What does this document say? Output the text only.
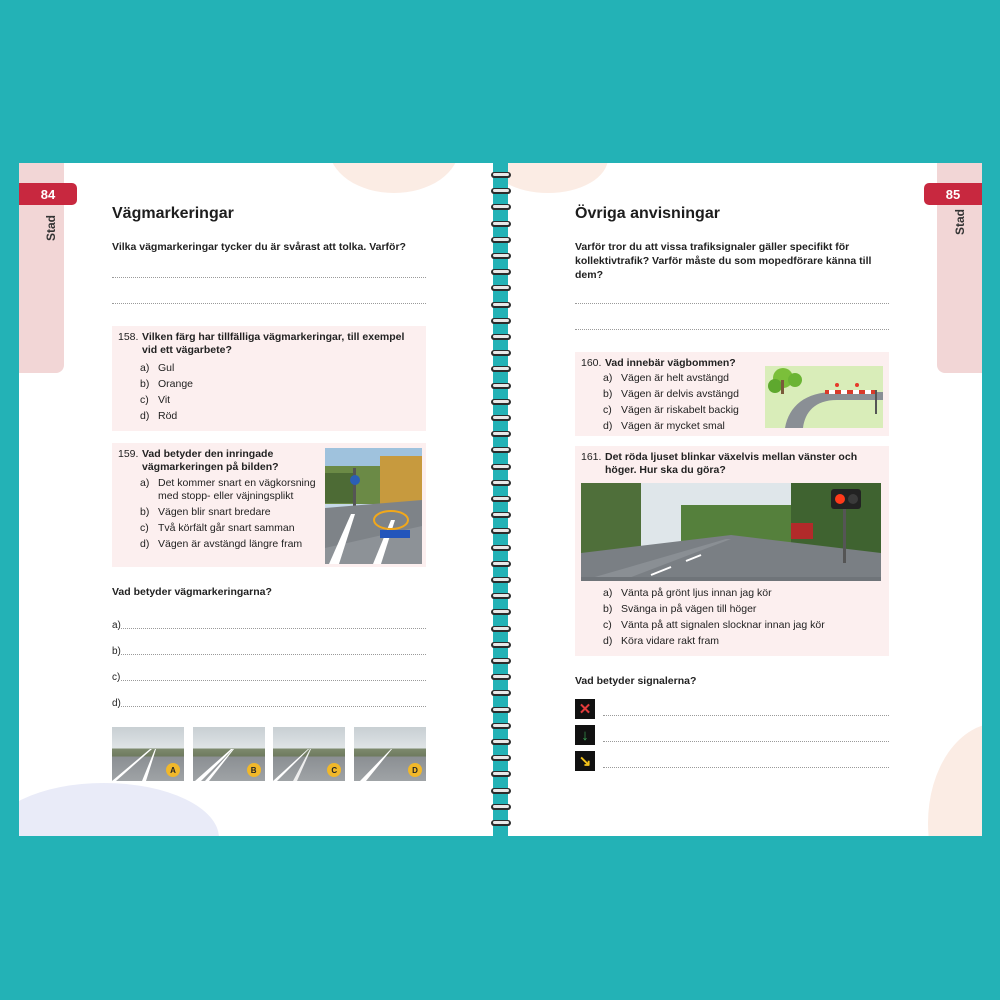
84
Stad
Vägmarkeringar
Vilka vägmarkeringar tycker du är svårast att tolka. Varför?
158. Vilken färg har tillfälliga vägmarkeringar, till exempel vid ett vägarbete?
a) Gul
b) Orange
c) Vit
d) Röd
159. Vad betyder den inringade vägmarkeringen på bilden?
a) Det kommer snart en vägkorsning med stopp- eller väjningsplikt
b) Vägen blir snart bredare
c) Två körfält går snart samman
d) Vägen är avstängd längre fram
Vad betyder vägmarkeringarna?
a)
b)
c)
d)
A	B	C	D
85
Stad
Övriga anvisningar
Varför tror du att vissa trafiksignaler gäller specifikt för kollektivtrafik? Varför måste du som mopedförare känna till dem?
160. Vad innebär vägbommen?
a) Vägen är helt avstängd
b) Vägen är delvis avstängd
c) Vägen är riskabelt backig
d) Vägen är mycket smal
161. Det röda ljuset blinkar växelvis mellan vänster och höger. Hur ska du göra?
a) Vänta på grönt ljus innan jag kör
b) Svänga in på vägen till höger
c) Vänta på att signalen slocknar innan jag kör
d) Köra vidare rakt fram
Vad betyder signalerna?
✕
↓
↘
